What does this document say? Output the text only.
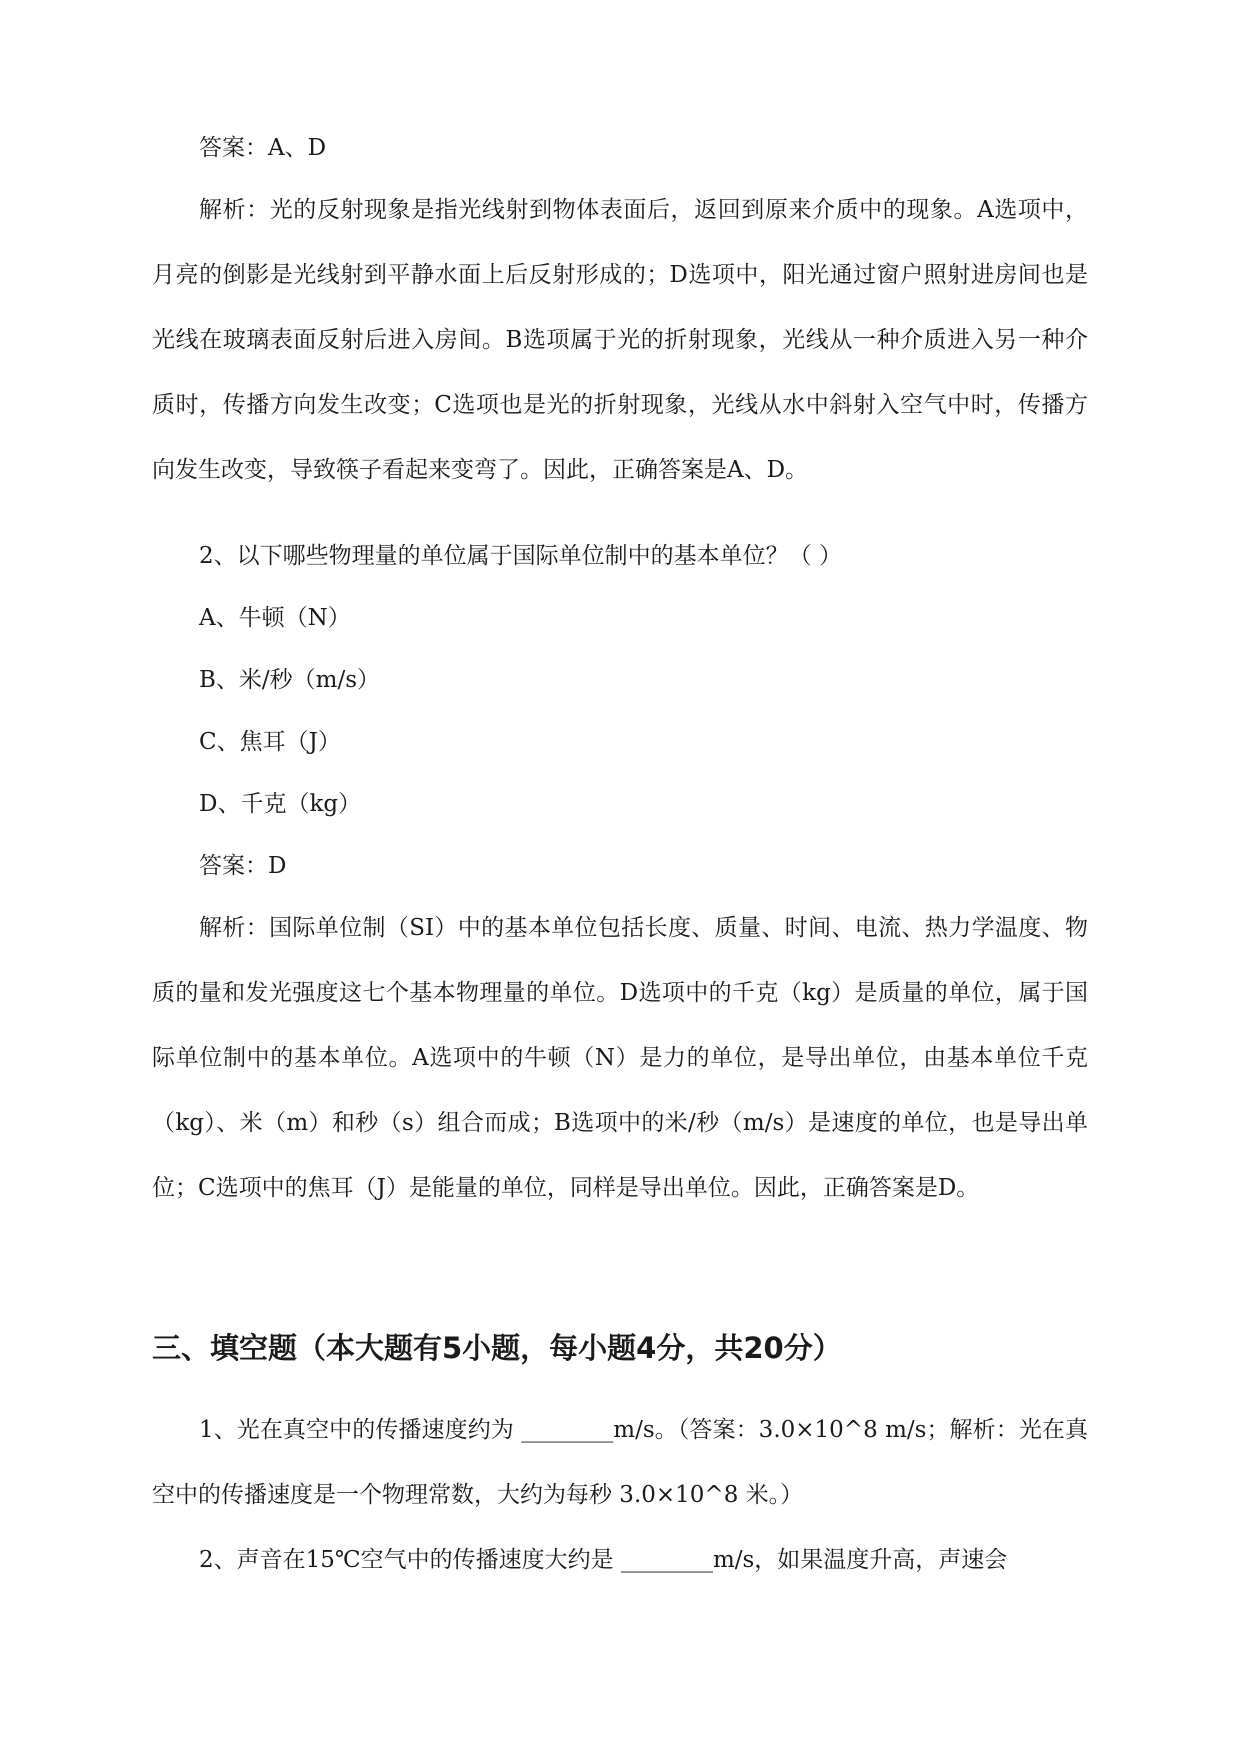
答案：A、D

解析：光的反射现象是指光线射到物体表面后，返回到原来介质中的现象。A选项中，月亮的倒影是光线射到平静水面上后反射形成的；D选项中，阳光通过窗户照射进房间也是光线在玻璃表面反射后进入房间。B选项属于光的折射现象，光线从一种介质进入另一种介质时，传播方向发生改变；C选项也是光的折射现象，光线从水中斜射入空气中时，传播方向发生改变，导致筷子看起来变弯了。因此，正确答案是A、D。

2、以下哪些物理量的单位属于国际单位制中的基本单位？（ ）

A、牛顿（N）

B、米/秒（m/s）

C、焦耳（J）

D、千克（kg）

答案：D

解析：国际单位制（SI）中的基本单位包括长度、质量、时间、电流、热力学温度、物质的量和发光强度这七个基本物理量的单位。D选项中的千克（kg）是质量的单位，属于国际单位制中的基本单位。A选项中的牛顿（N）是力的单位，是导出单位，由基本单位千克（kg）、米（m）和秒（s）组合而成；B选项中的米/秒（m/s）是速度的单位，也是导出单位；C选项中的焦耳（J）是能量的单位，同样是导出单位。因此，正确答案是D。

三、填空题（本大题有5小题，每小题4分，共20分）

1、光在真空中的传播速度约为 ________m/s。（答案：3.0×10^8 m/s；解析：光在真空中的传播速度是一个物理常数，大约为每秒 3.0×10^8 米。）

2、声音在15℃空气中的传播速度大约是 ________m/s，如果温度升高，声速会
